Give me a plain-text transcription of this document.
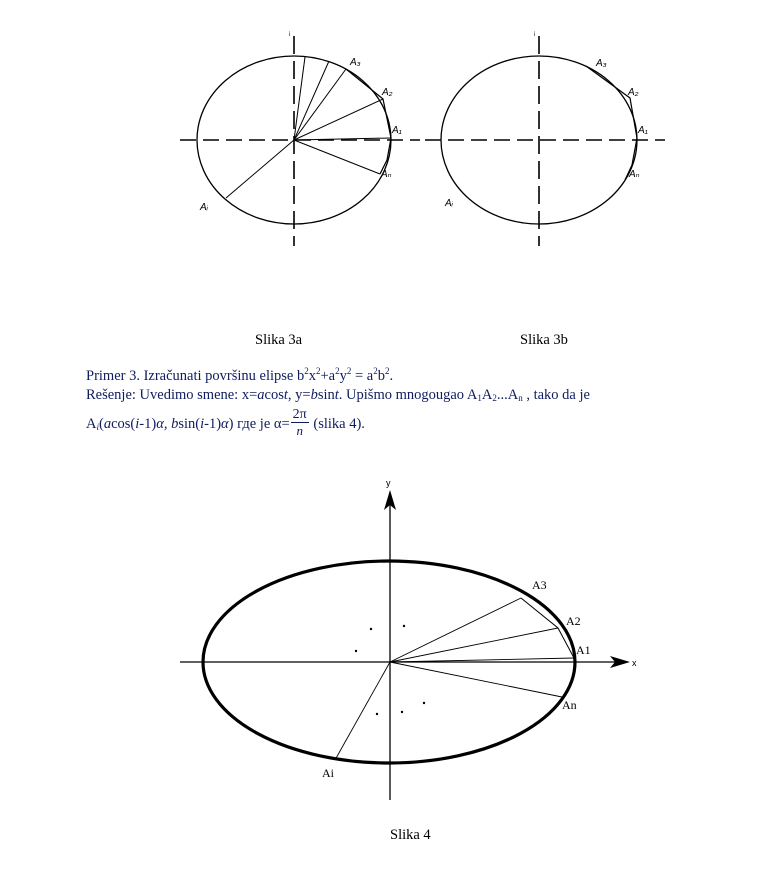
i
A₃
A₂
A₁
Aₙ
Aᵢ
i
A₃
A₂
A₁
Aₙ
Aᵢ
x
y
A3
A2
A1
An
Ai
Slika 3a	Slika 3b
Slika 4
Primer 3. Izračunati površinu elipse $b^2x^2+a^2y^2 = a^2b^2$.
Rešenje: Uvedimo smene: x=acost, y=bsint. Upišmo mnogougao $A_1A_2...A_n$ , tako da je
$A_i(acos(i-1)\alpha$, bsin(i-1)α) где je $\alpha= \frac{2\pi}{n}$ (slika 4).
